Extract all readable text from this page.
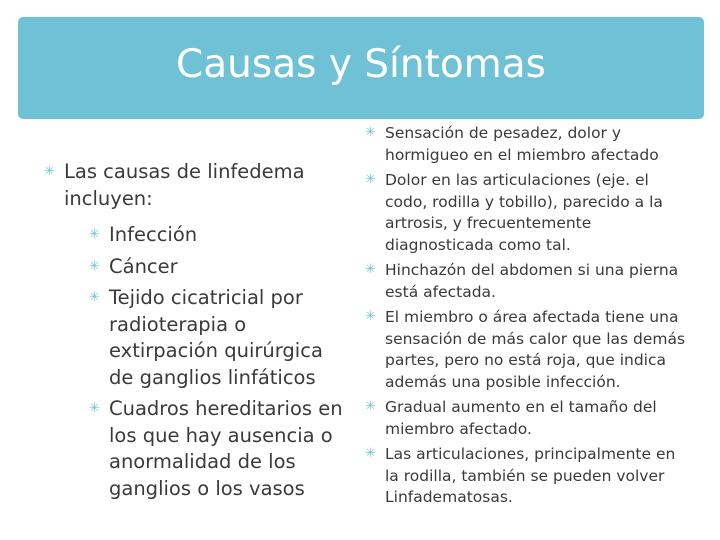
Causas y Síntomas
✳ Las causas de linfedema incluyen:
✳ Infección
✳ Cáncer
✳ Tejido cicatricial por radioterapia o extirpación quirúrgica de ganglios linfáticos
✳ Cuadros hereditarios en los que hay ausencia o anormalidad de los ganglios o los vasos
✳ Sensación de pesadez, dolor y hormigueo en el miembro afectado
✳ Dolor en las articulaciones (eje. el codo, rodilla y tobillo), parecido a la artrosis, y frecuentemente diagnosticada como tal.
✳ Hinchazón del abdomen si una pierna está afectada.
✳ El miembro o área afectada tiene una sensación de más calor que las demás partes, pero no está roja, que indica además una posible infección.
✳ Gradual aumento en el tamaño del miembro afectado.
✳ Las articulaciones, principalmente en la rodilla, también se pueden volver Linfadematosas.
